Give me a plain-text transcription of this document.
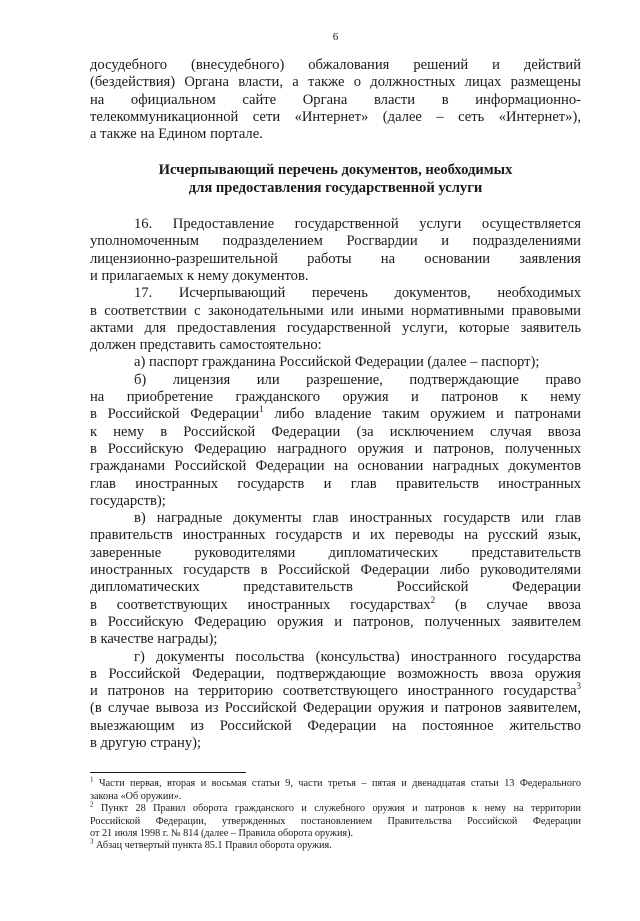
6

досудебного (внесудебного) обжалования решений и действий

(бездействия) Органа власти, а также о должностных лицах размещены

на официальном сайте Органа власти в информационно-

телекоммуникационной сети «Интернет» (далее – сеть «Интернет»),

а также на Едином портале.

Исчерпывающий перечень документов, необходимых
для предоставления государственной услуги

16. Предоставление государственной услуги осуществляется

уполномоченным подразделением Росгвардии и подразделениями

лицензионно-разрешительной работы на основании заявления

и прилагаемых к нему документов.

17. Исчерпывающий перечень документов, необходимых

в соответствии с законодательными или иными нормативными правовыми

актами для предоставления государственной услуги, которые заявитель

должен представить самостоятельно:

а) паспорт гражданина Российской Федерации (далее – паспорт);

б) лицензия или разрешение, подтверждающие право

на приобретение гражданского оружия и патронов к нему

в Российской Федерации$^1$ либо владение таким оружием и патронами

к нему в Российской Федерации (за исключением случая ввоза

в Российскую Федерацию наградного оружия и патронов, полученных

гражданами Российской Федерации на основании наградных документов

глав иностранных государств и глав правительств иностранных

государств);

в) наградные документы глав иностранных государств или глав

правительств иностранных государств и их переводы на русский язык,

заверенные руководителями дипломатических представительств

иностранных государств в Российской Федерации либо руководителями

дипломатических представительств Российской Федерации

в соответствующих иностранных государствах$^2$ (в случае ввоза

в Российскую Федерацию оружия и патронов, полученных заявителем

в качестве награды);

г) документы посольства (консульства) иностранного государства

в Российской Федерации, подтверждающие возможность ввоза оружия

и патронов на территорию соответствующего иностранного государства$^3$

(в случае вывоза из Российской Федерации оружия и патронов заявителем,

выезжающим из Российской Федерации на постоянное жительство

в другую страну);

$^1$ Части первая, вторая и восьмая статьи 9, части третья – пятая и двенадцатая статьи 13 Федерального

закона «Об оружии».

$^2$ Пункт 28 Правил оборота гражданского и служебного оружия и патронов к нему на территории

Российской Федерации, утвержденных постановлением Правительства Российской Федерации

от 21 июля 1998 г. № 814 (далее – Правила оборота оружия).

$^3$ Абзац четвертый пункта 85.1 Правил оборота оружия.
